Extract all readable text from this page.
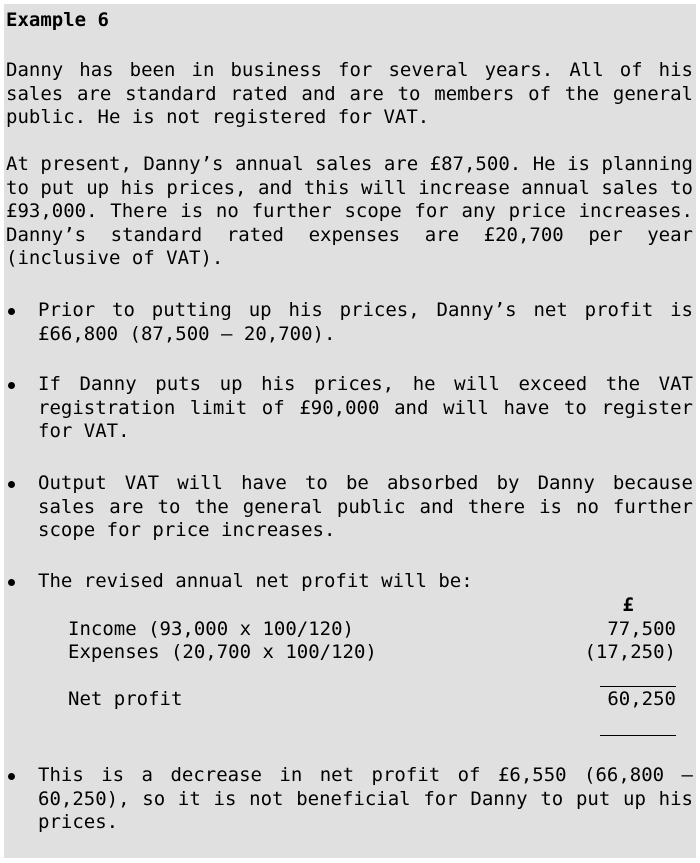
Example 6

Danny has been in business for several years. All of his sales are standard rated and are to members of the general public. He is not registered for VAT.

At present, Danny’s annual sales are £87,500. He is planning to put up his prices, and this will increase annual sales to £93,000. There is no further scope for any price increases. Danny’s standard rated expenses are £20,700 per year (inclusive of VAT).

Prior to putting up his prices, Danny’s net profit is £66,800 (87,500 – 20,700).
If Danny puts up his prices, he will exceed the VAT registration limit of £90,000 and will have to register for VAT.
Output VAT will have to be absorbed by Danny because sales are to the general public and there is no further scope for price increases.
The revised annual net profit will be:
£
Income (93,000 x 100/120)	77,500
Expenses (20,700 x 100/120)	(17,250)
Net profit	60,250
This is a decrease in net profit of £6,550 (66,800 – 60,250), so it is not beneficial for Danny to put up his prices.
